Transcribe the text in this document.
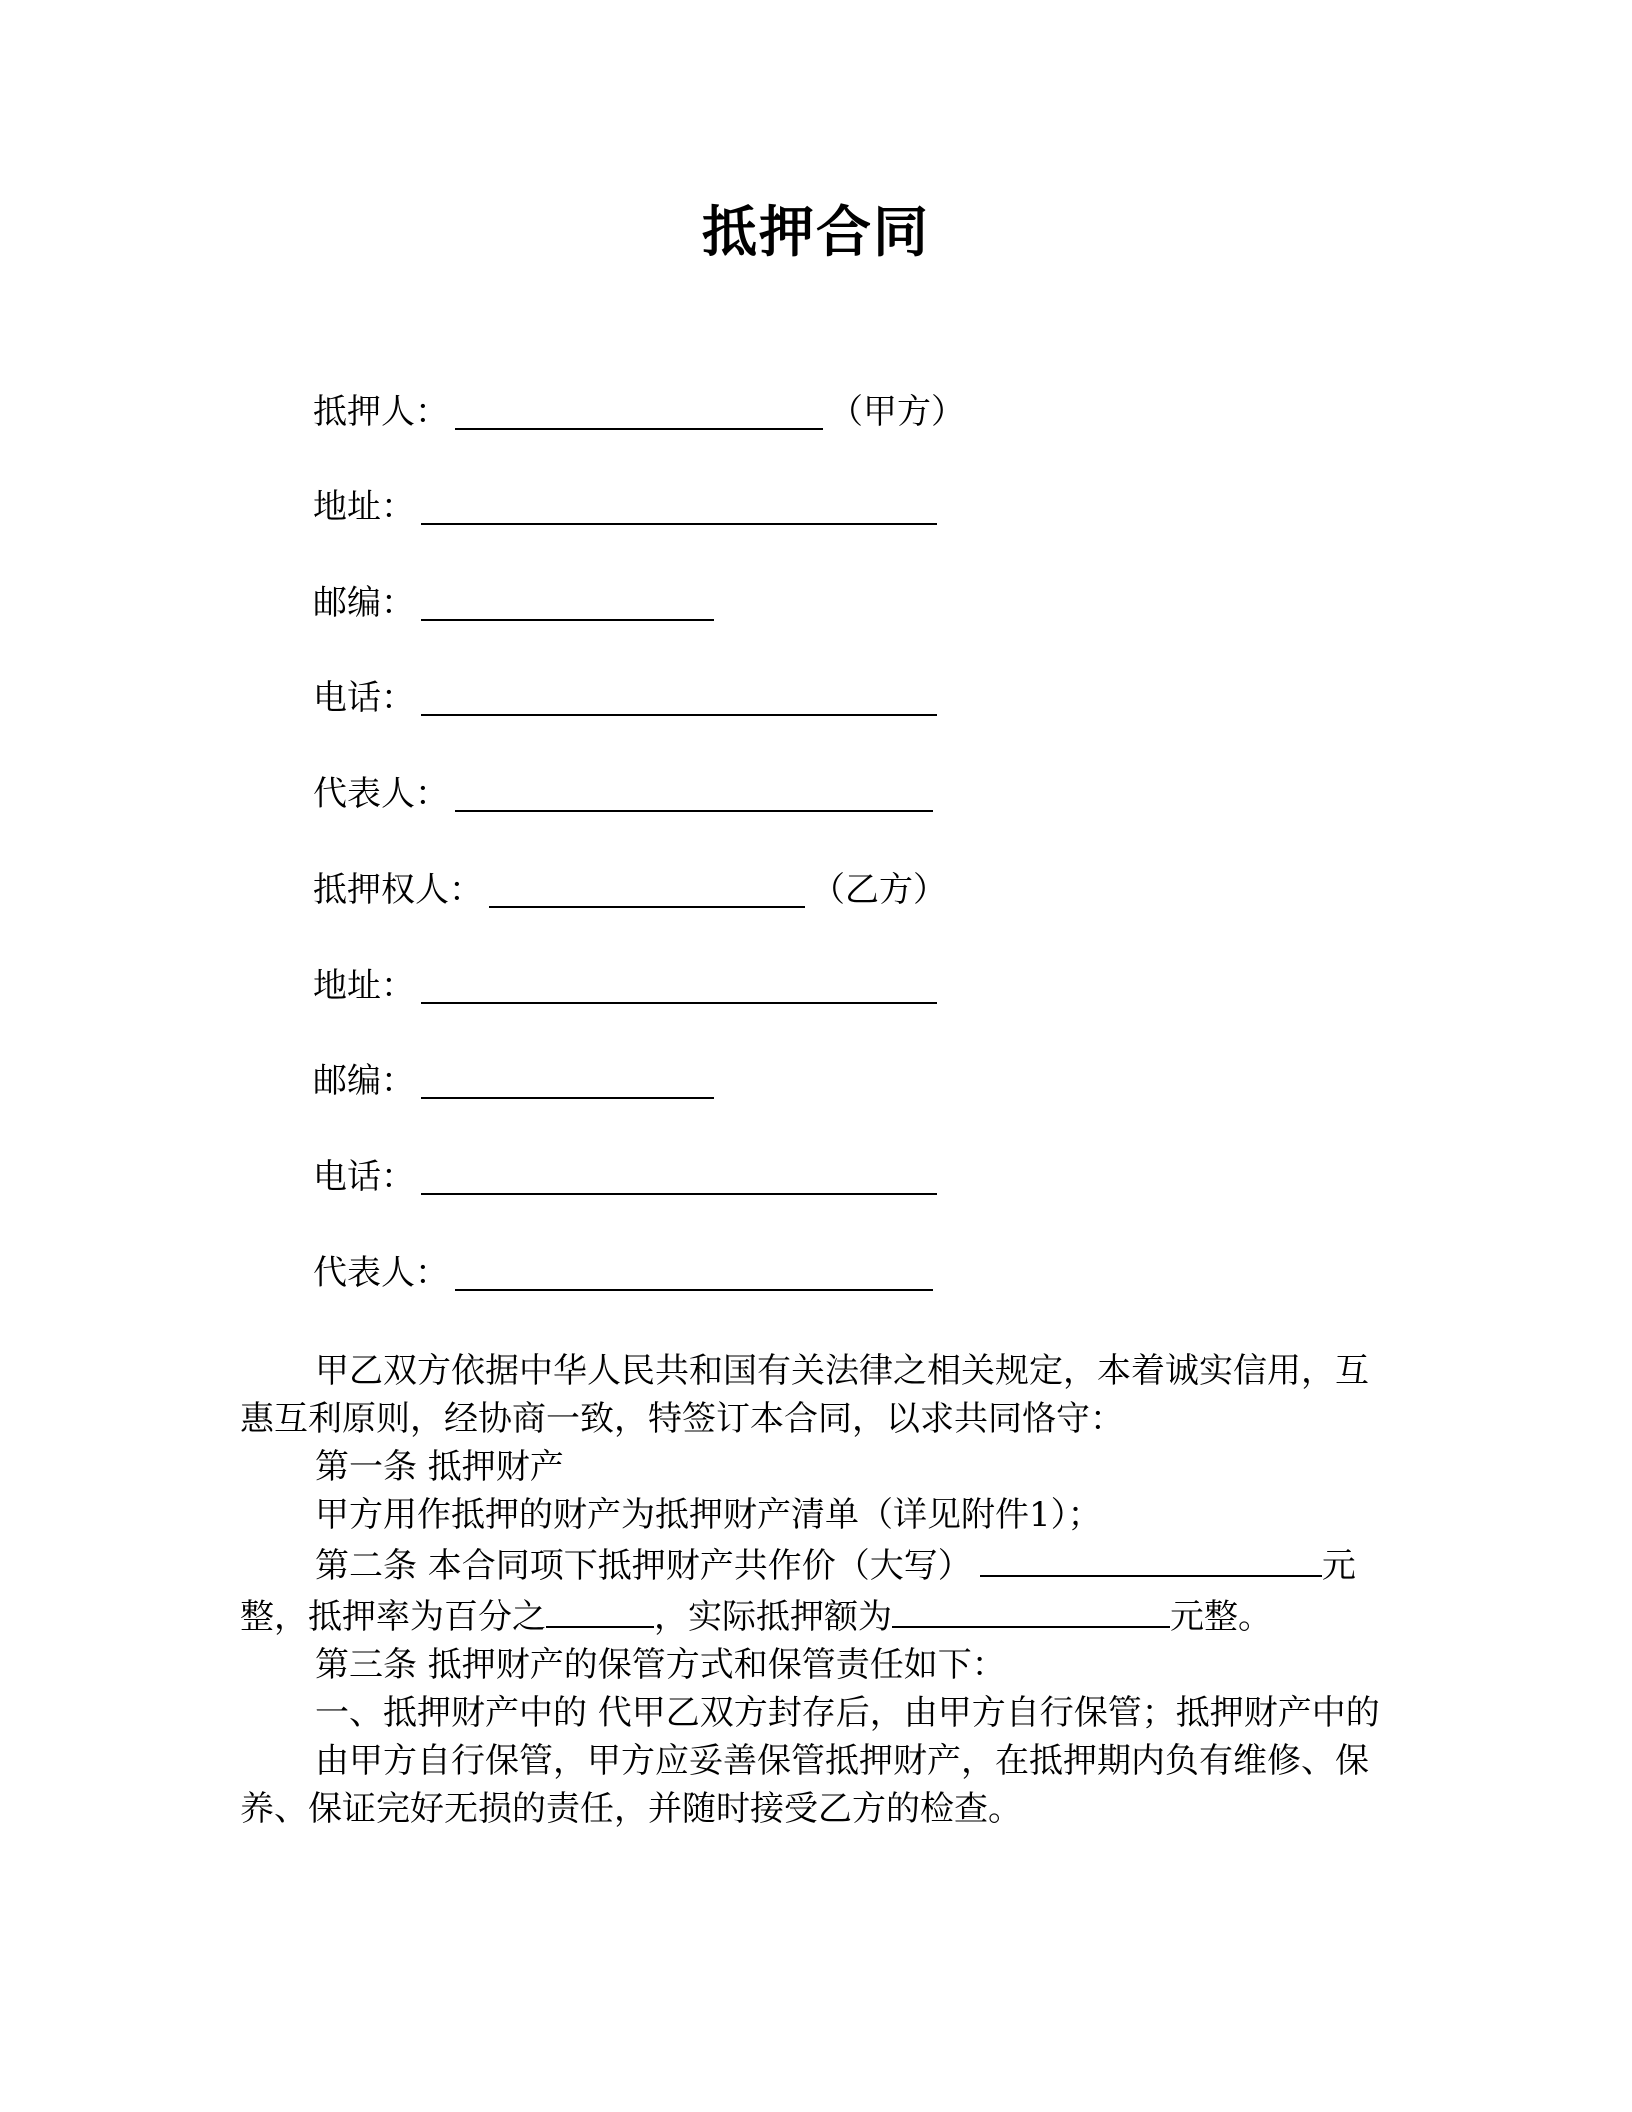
抵押合同
抵押人：	（甲方）
地址：
邮编：
电话：
代表人：
抵押权人：	（乙方）
地址：
邮编：
电话：
代表人：

甲乙双方依据中华人民共和国有关法律之相关规定，本着诚实信用，互惠互利原则，经协商一致，特签订本合同，以求共同恪守：

第一条 抵押财产

甲方用作抵押的财产为抵押财产清单（详见附件1）；

第二条 本合同项下抵押财产共作价（大写）	元整，抵押率为百分之	，实际抵押额为	元整。

第三条 抵押财产的保管方式和保管责任如下：

一、抵押财产中的 代甲乙双方封存后，由甲方自行保管；抵押财产中的

由甲方自行保管，甲方应妥善保管抵押财产，在抵押期内负有维修、保养、保证完好无损的责任，并随时接受乙方的检查。
